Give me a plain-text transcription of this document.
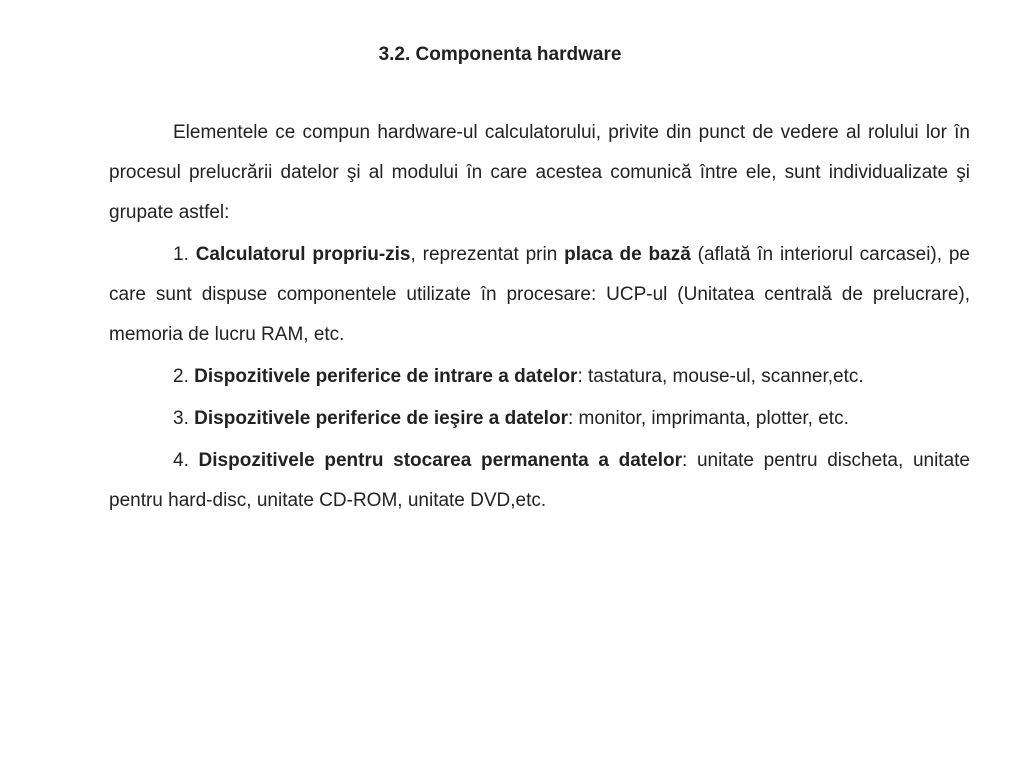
3.2. Componenta hardware

Elementele ce compun hardware-ul calculatorului, privite din punct de vedere al rolului lor în procesul prelucrării datelor şi al modului în care acestea comunică între ele, sunt individualizate şi grupate astfel:

1. Calculatorul propriu-zis, reprezentat prin placa de bază (aflată în interiorul carcasei), pe care sunt dispuse componentele utilizate în procesare: UCP-ul (Unitatea centrală de prelucrare), memoria de lucru RAM, etc.

2. Dispozitivele periferice de intrare a datelor: tastatura, mouse-ul, scanner,etc.

3. Dispozitivele periferice de ieşire a datelor: monitor, imprimanta, plotter, etc.

4. Dispozitivele pentru stocarea permanenta a datelor: unitate pentru discheta, unitate pentru hard-disc, unitate CD-ROM, unitate DVD,etc.
